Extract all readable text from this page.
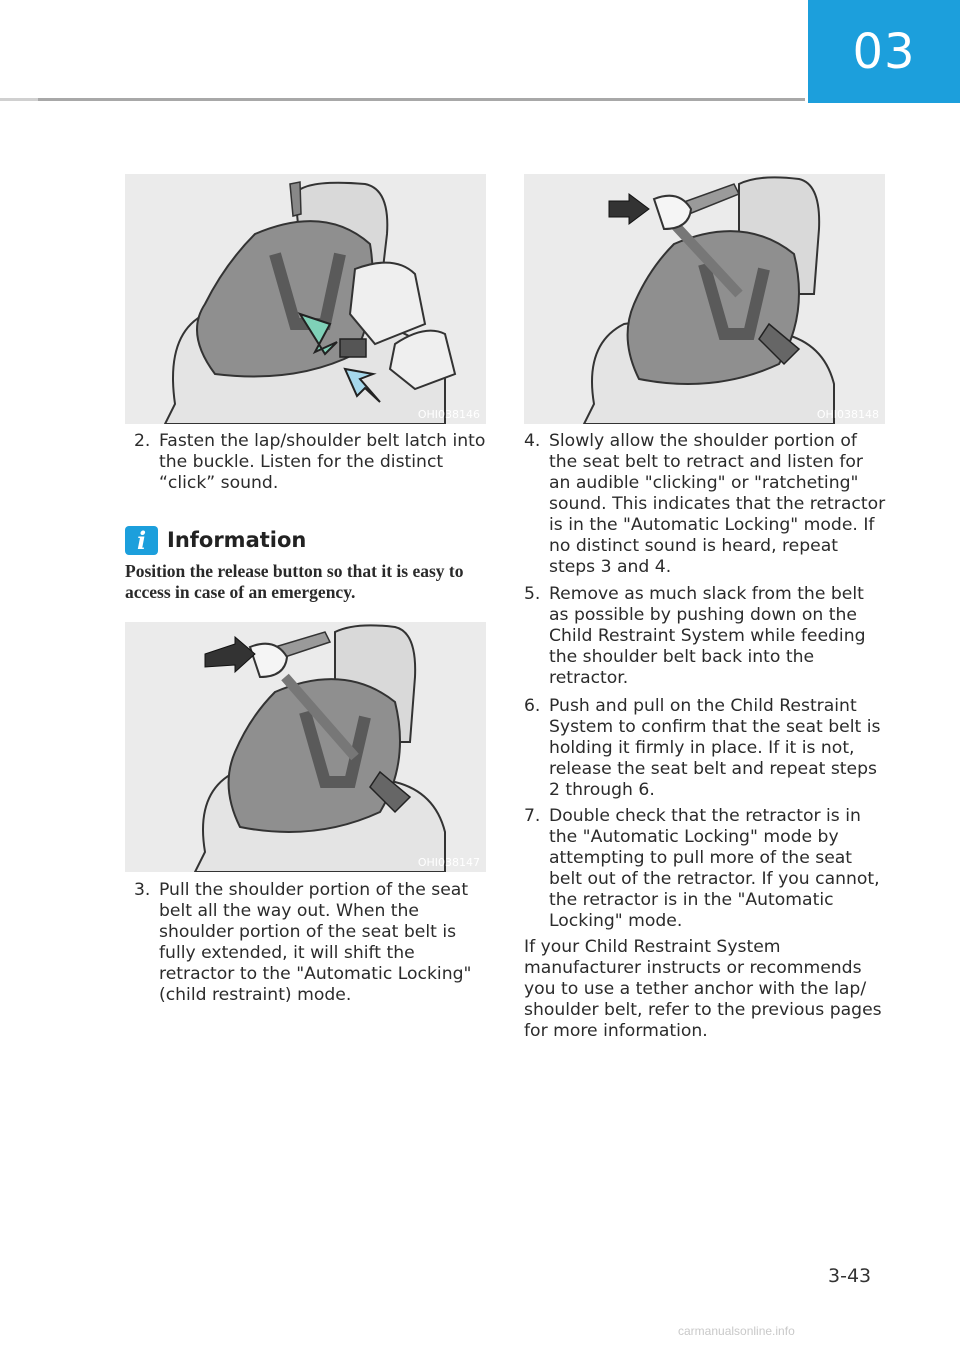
03
OHI038146
OHI038147
OHI038148
2. Fasten the lap/shoulder belt latch into the buckle. Listen for the distinct “click” sound.
i Information
Position the release button so that it is easy to access in case of an emergency.
3. Pull the shoulder portion of the seat belt all the way out. When the shoulder portion of the seat belt is fully extended, it will shift the retractor to the "Automatic Locking" (child restraint) mode.
4. Slowly allow the shoulder portion of the seat belt to retract and listen for an audible "clicking" or "ratcheting" sound. This indicates that the retractor is in the "Automatic Locking" mode. If no distinct sound is heard, repeat steps 3 and 4.
5. Remove as much slack from the belt as possible by pushing down on the Child Restraint System while feeding the shoulder belt back into the retractor.
6. Push and pull on the Child Restraint System to confirm that the seat belt is holding it firmly in place. If it is not, release the seat belt and repeat steps 2 through 6.
7. Double check that the retractor is in the "Automatic Locking" mode by attempting to pull more of the seat belt out of the retractor. If you cannot, the retractor is in the "Automatic Locking" mode.
If your Child Restraint System manufacturer instructs or recommends you to use a tether anchor with the lap/ shoulder belt, refer to the previous pages for more information.
3-43
carmanualsonline.info
